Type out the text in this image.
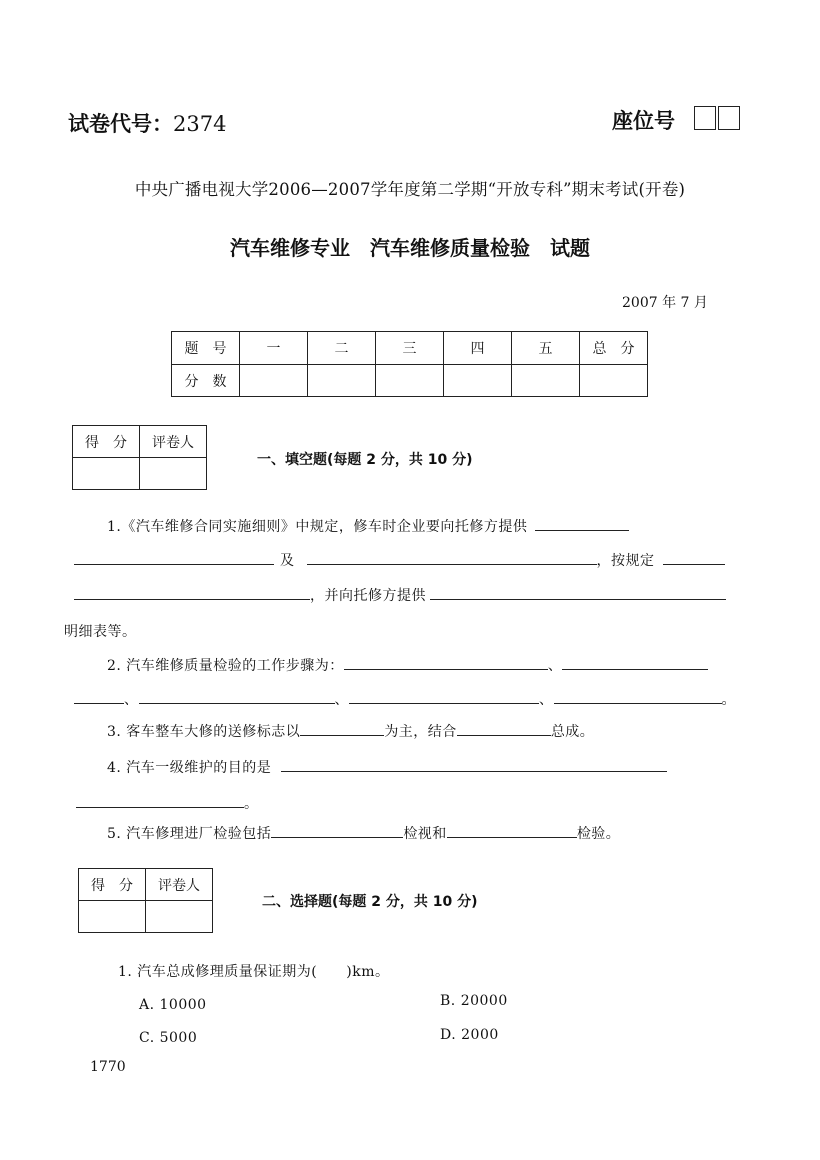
试卷代号：2374	座位号
中央广播电视大学2006—2007学年度第二学期“开放专科”期末考试(开卷)
汽车维修专业　汽车维修质量检验　试题
2007 年 7 月
题　号	一	二	三	四	五	总　分
分　数						
得　分	评卷人

一、填空题(每题 2 分，共 10 分)
1.《汽车维修合同实施细则》中规定，修车时企业要向托修方提供
及	，按规定
，并向托修方提供
明细表等。
2. 汽车维修质量检验的工作步骤为：	、
、	、	、	。
3. 客车整车大修的送修标志以	为主，结合	总成。
4. 汽车一级维护的目的是
。
5. 汽车修理进厂检验包括	检视和	检验。
得　分	评卷人

二、选择题(每题 2 分，共 10 分)
1. 汽车总成修理质量保证期为(　　)km。
A. 10000	B. 20000
C. 5000	D. 2000
1770
